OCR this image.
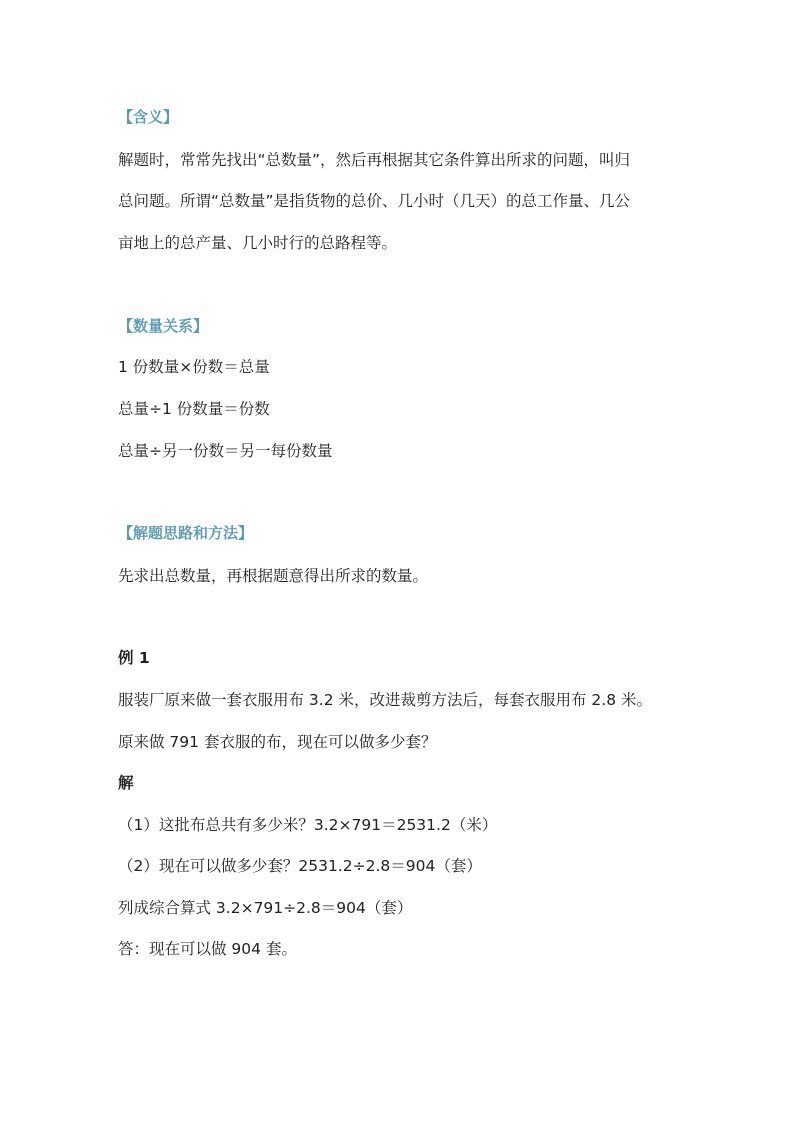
【含义】
解题时，常常先找出“总数量”，然后再根据其它条件算出所求的问题，叫归
总问题。所谓“总数量”是指货物的总价、几小时（几天）的总工作量、几公
亩地上的总产量、几小时行的总路程等。
【数量关系】
1 份数量×份数＝总量
总量÷1 份数量＝份数
总量÷另一份数＝另一每份数量
【解题思路和方法】
先求出总数量，再根据题意得出所求的数量。
例 1
服装厂原来做一套衣服用布 3.2 米，改进裁剪方法后，每套衣服用布 2.8 米。
原来做 791 套衣服的布，现在可以做多少套？
解
（1）这批布总共有多少米？3.2×791＝2531.2（米）
（2）现在可以做多少套？2531.2÷2.8＝904（套）
列成综合算式 3.2×791÷2.8＝904（套）
答：现在可以做 904 套。
